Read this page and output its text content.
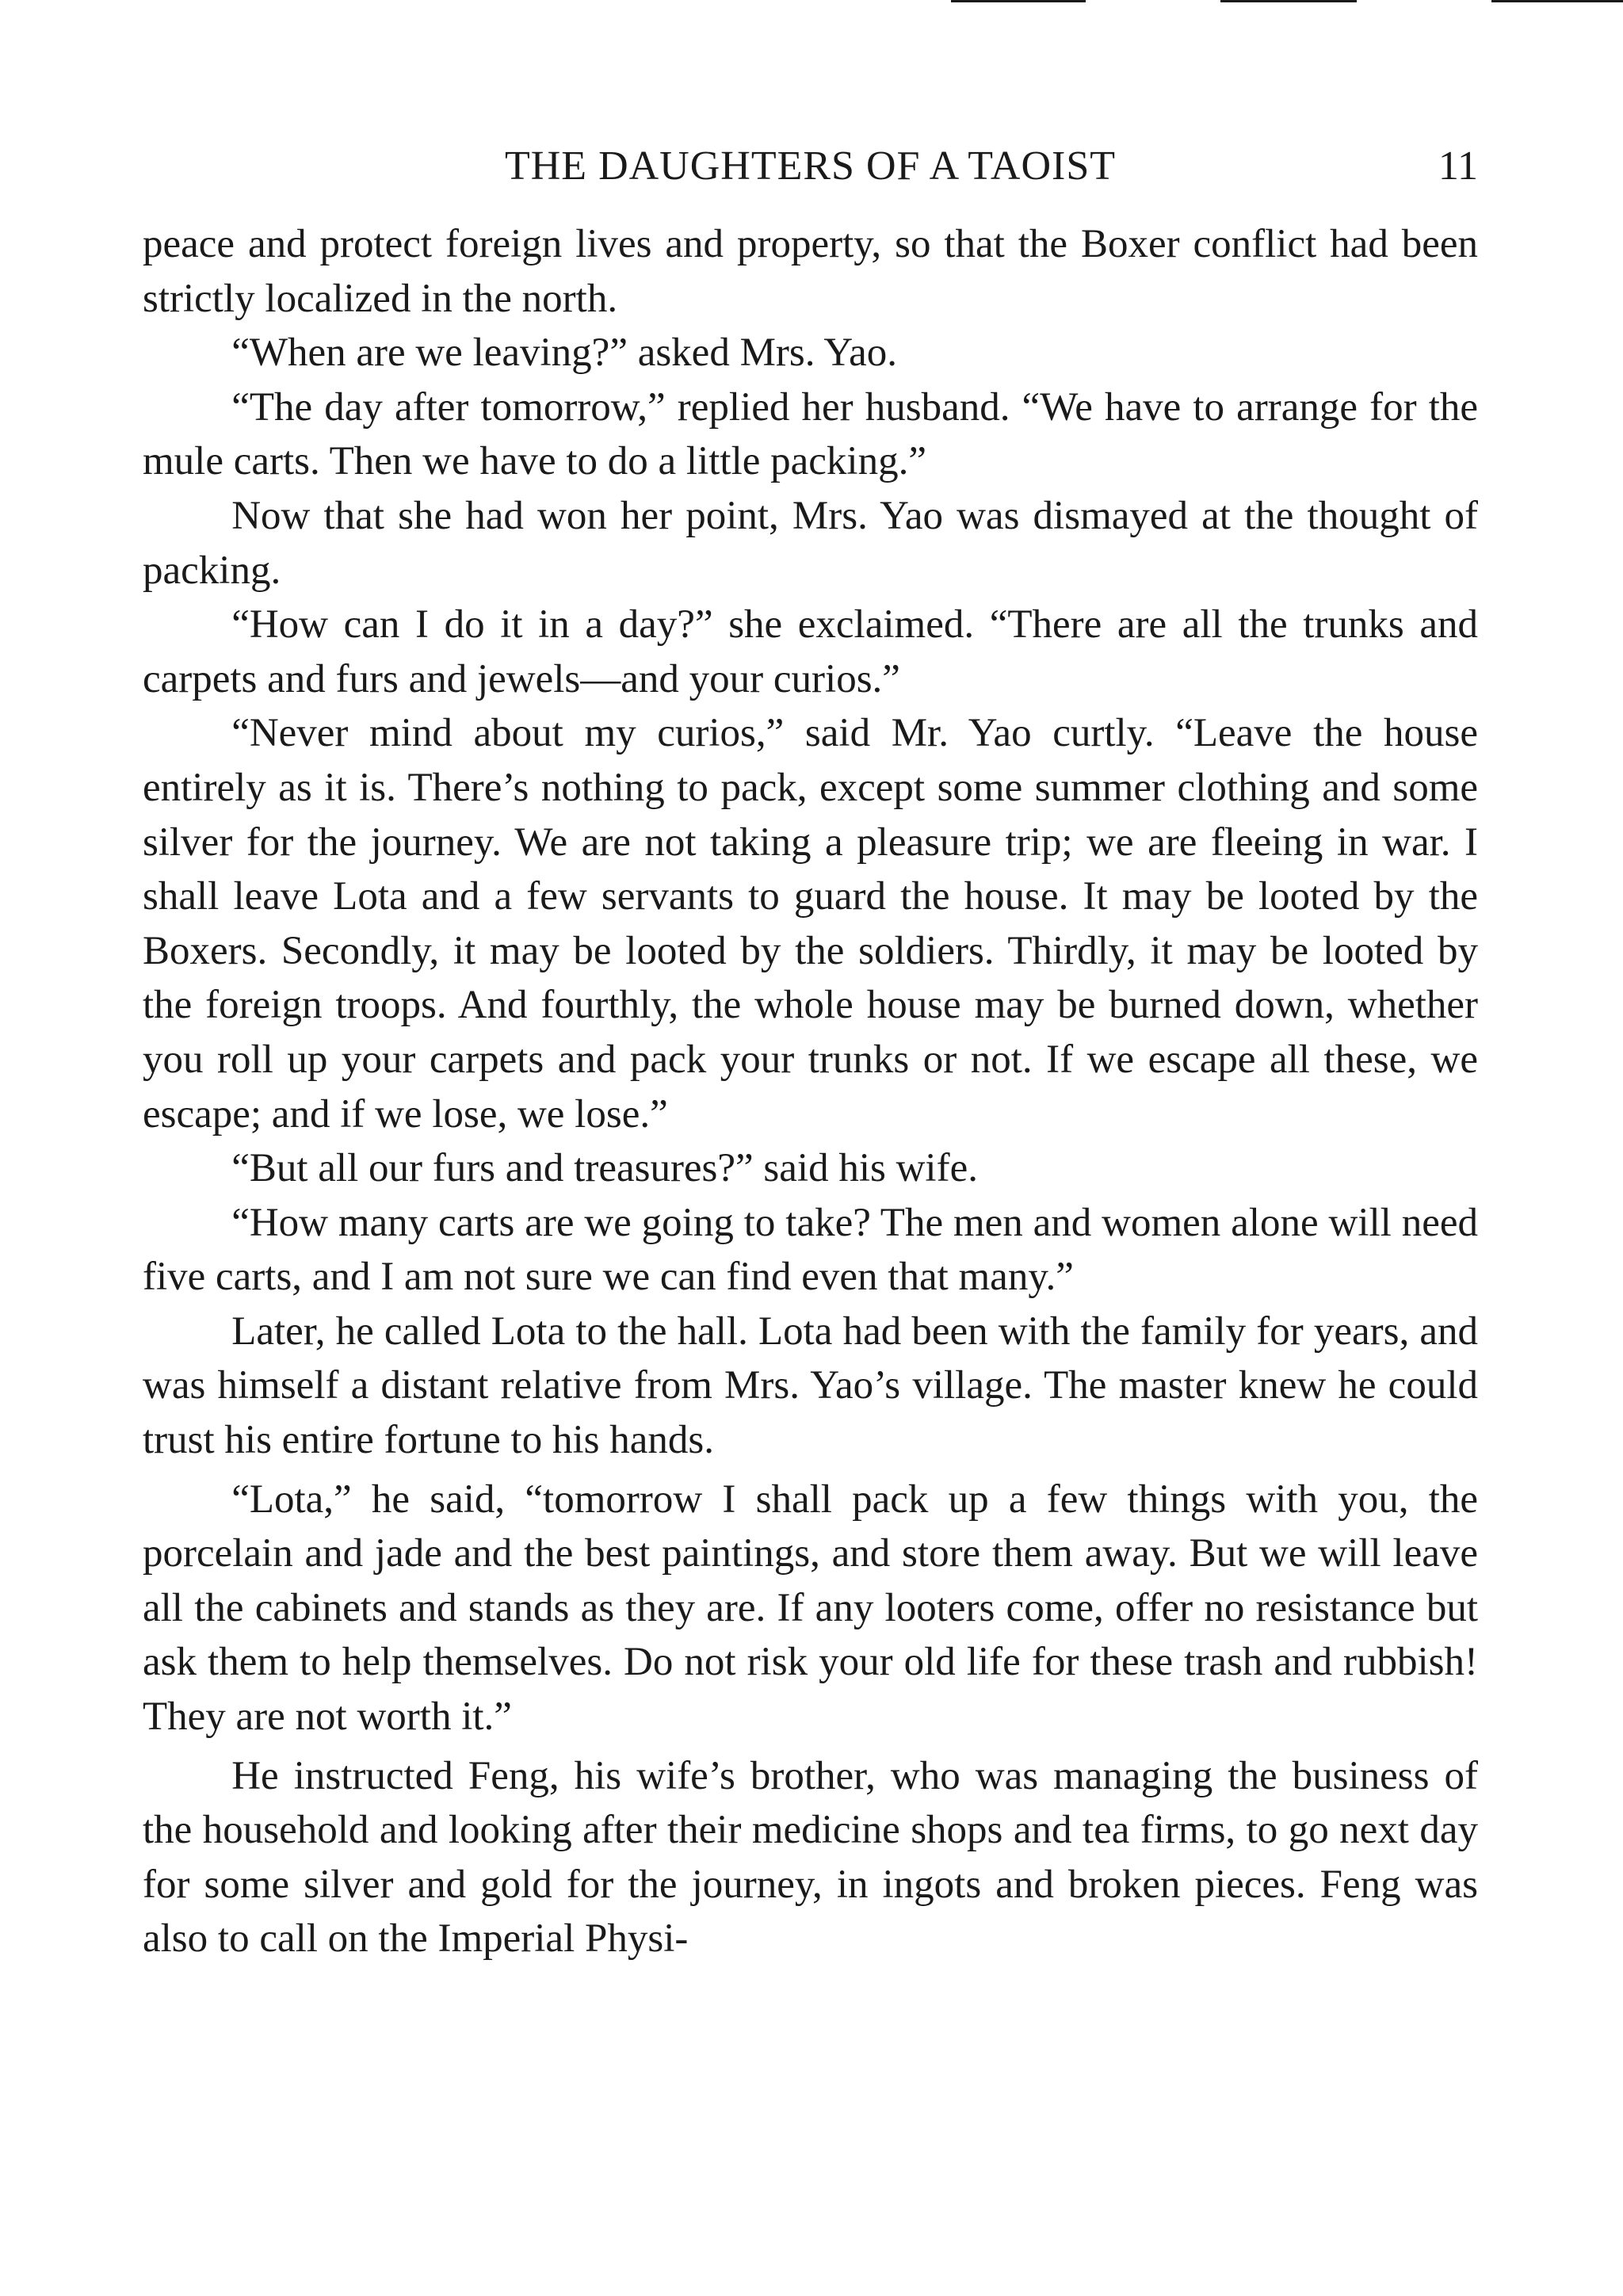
THE DAUGHTERS OF A TAOIST	11

peace and protect foreign lives and property, so that the Boxer conflict had been strictly localized in the north.

“When are we leaving?” asked Mrs. Yao.

“The day after tomorrow,” replied her husband. “We have to arrange for the mule carts. Then we have to do a little packing.”

Now that she had won her point, Mrs. Yao was dismayed at the thought of packing.

“How can I do it in a day?” she exclaimed. “There are all the trunks and carpets and furs and jewels—and your curios.”

“Never mind about my curios,” said Mr. Yao curtly. “Leave the house entirely as it is. There’s nothing to pack, except some summer clothing and some silver for the journey. We are not taking a pleasure trip; we are fleeing in war. I shall leave Lota and a few servants to guard the house. It may be looted by the Boxers. Secondly, it may be looted by the soldiers. Thirdly, it may be looted by the foreign troops. And fourthly, the whole house may be burned down, whether you roll up your carpets and pack your trunks or not. If we escape all these, we escape; and if we lose, we lose.”

“But all our furs and treasures?” said his wife.

“How many carts are we going to take? The men and women alone will need five carts, and I am not sure we can find even that many.”

Later, he called Lota to the hall. Lota had been with the family for years, and was himself a distant relative from Mrs. Yao’s village. The master knew he could trust his entire fortune to his hands.

“Lota,” he said, “tomorrow I shall pack up a few things with you, the porcelain and jade and the best paintings, and store them away. But we will leave all the cabinets and stands as they are. If any looters come, offer no resistance but ask them to help themselves. Do not risk your old life for these trash and rubbish! They are not worth it.”

He instructed Feng, his wife’s brother, who was managing the business of the household and looking after their medicine shops and tea firms, to go next day for some silver and gold for the journey, in ingots and broken pieces. Feng was also to call on the Imperial Physi-
